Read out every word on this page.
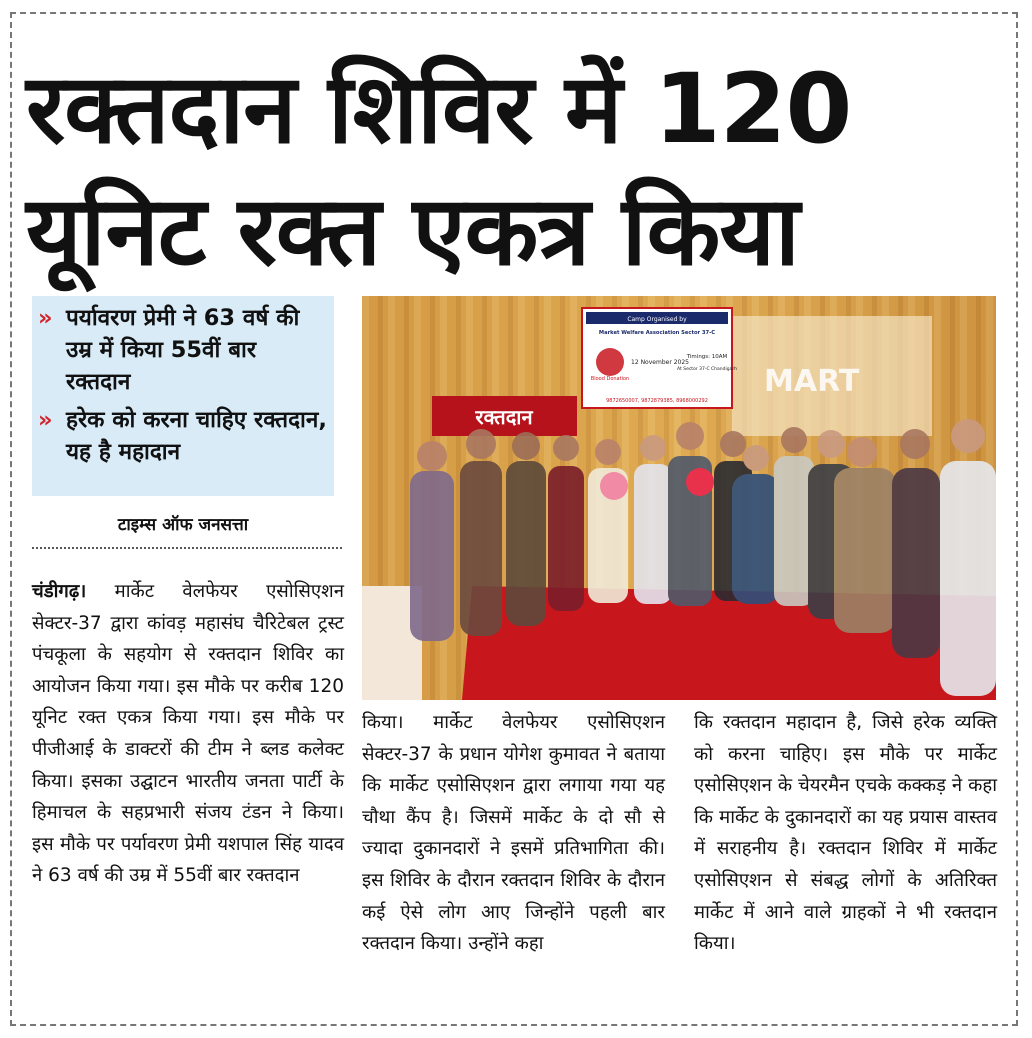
रक्तदान शिविर में 120
यूनिट रक्त एकत्र किया

» पर्यावरण प्रेमी ने 63 वर्ष की उम्र में किया 55वीं बार रक्तदान

» हरेक को करना चाहिए रक्तदान, यह है महादान

टाइम्स ऑफ जनसत्ता

चंडीगढ़। मार्केट वेलफेयर एसोसिएशन सेक्टर-37 द्वारा कांवड़ महासंघ चैरिटेबल ट्रस्ट पंचकूला के सहयोग से रक्तदान शिविर का आयोजन किया गया। इस मौके पर करीब 120 यूनिट रक्त एकत्र किया गया। इस मौके पर पीजीआई के डाक्टरों की टीम ने ब्लड कलेक्ट किया। इसका उद्घाटन भारतीय जनता पार्टी के हिमाचल के सहप्रभारी संजय टंडन ने किया। इस मौके पर पर्यावरण प्रेमी यशपाल सिंह यादव ने 63 वर्ष की उम्र में 55वीं बार रक्तदान

MART
Camp Organised by
Market Welfare Association Sector 37-C
Blood Donation
12 November 2025
Timings: 10AM
At Sector 37-C Chandigarh
9872650007, 9872879385, 8968000292
रक्तदान

किया। मार्केट वेलफेयर एसोसिएशन सेक्टर-37 के प्रधान योगेश कुमावत ने बताया कि मार्केट एसोसिएशन द्वारा लगाया गया यह चौथा कैंप है। जिसमें मार्केट के दो सौ से ज्यादा दुकानदारों ने इसमें प्रतिभागिता की। इस शिविर के दौरान रक्तदान शिविर के दौरान कई ऐसे लोग आए जिन्होंने पहली बार रक्तदान किया। उन्होंने कहा

कि रक्तदान महादान है, जिसे हरेक व्यक्ति को करना चाहिए। इस मौके पर मार्केट एसोसिएशन के चेयरमैन एचके कक्कड़ ने कहा कि मार्केट के दुकानदारों का यह प्रयास वास्तव में सराहनीय है। रक्तदान शिविर में मार्केट एसोसिएशन से संबद्ध लोगों के अतिरिक्त मार्केट में आने वाले ग्राहकों ने भी रक्तदान किया।
